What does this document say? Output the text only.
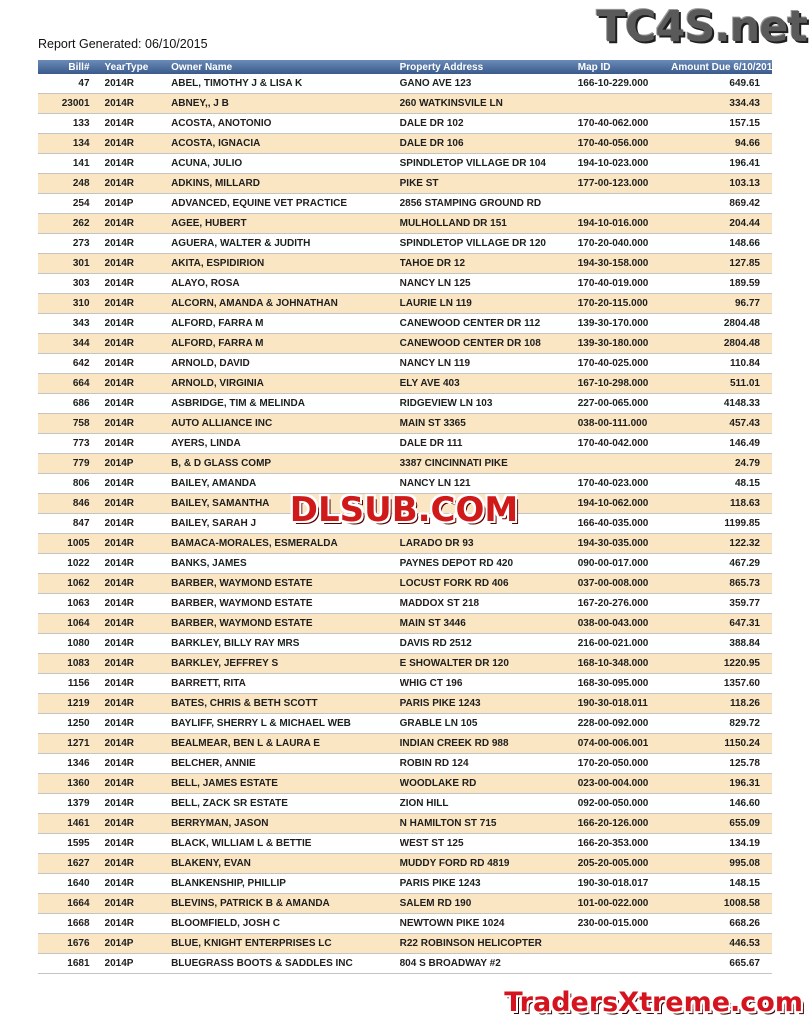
Report Generated: 06/10/2015	TC4S.net
Bill#	YearType	Owner Name	Property Address	Map ID	Amount Due 6/10/2015	
47	2014R	ABEL, TIMOTHY J & LISA K	GANO AVE 123	166-10-229.000	649.61	
23001	2014R	ABNEY,, J B	260 WATKINSVILE LN		334.43	
133	2014R	ACOSTA, ANOTONIO	DALE DR 102	170-40-062.000	157.15	
134	2014R	ACOSTA, IGNACIA	DALE DR 106	170-40-056.000	94.66	
141	2014R	ACUNA, JULIO	SPINDLETOP VILLAGE DR 104	194-10-023.000	196.41	
248	2014R	ADKINS, MILLARD	PIKE ST	177-00-123.000	103.13	
254	2014P	ADVANCED, EQUINE VET PRACTICE	2856 STAMPING GROUND RD		869.42	
262	2014R	AGEE, HUBERT	MULHOLLAND DR 151	194-10-016.000	204.44	
273	2014R	AGUERA, WALTER & JUDITH	SPINDLETOP VILLAGE DR 120	170-20-040.000	148.66	
301	2014R	AKITA, ESPIDIRION	TAHOE DR 12	194-30-158.000	127.85	
303	2014R	ALAYO, ROSA	NANCY LN 125	170-40-019.000	189.59	
310	2014R	ALCORN, AMANDA & JOHNATHAN	LAURIE LN 119	170-20-115.000	96.77	
343	2014R	ALFORD, FARRA M	CANEWOOD CENTER DR 112	139-30-170.000	2804.48	
344	2014R	ALFORD, FARRA M	CANEWOOD CENTER DR 108	139-30-180.000	2804.48	
642	2014R	ARNOLD, DAVID	NANCY LN 119	170-40-025.000	110.84	
664	2014R	ARNOLD, VIRGINIA	ELY AVE 403	167-10-298.000	511.01	
686	2014R	ASBRIDGE, TIM & MELINDA	RIDGEVIEW LN 103	227-00-065.000	4148.33	
758	2014R	AUTO ALLIANCE INC	MAIN ST 3365	038-00-111.000	457.43	
773	2014R	AYERS, LINDA	DALE DR 111	170-40-042.000	146.49	
779	2014P	B, & D GLASS COMP	3387 CINCINNATI PIKE		24.79	
806	2014R	BAILEY, AMANDA	NANCY LN 121	170-40-023.000	48.15	
846	2014R	BAILEY, SAMANTHA		194-10-062.000	118.63	
847	2014R	BAILEY, SARAH J		166-40-035.000	1199.85	
1005	2014R	BAMACA-MORALES, ESMERALDA	LARADO DR 93	194-30-035.000	122.32	
1022	2014R	BANKS, JAMES	PAYNES DEPOT RD 420	090-00-017.000	467.29	
1062	2014R	BARBER, WAYMOND ESTATE	LOCUST FORK RD 406	037-00-008.000	865.73	
1063	2014R	BARBER, WAYMOND ESTATE	MADDOX ST 218	167-20-276.000	359.77	
1064	2014R	BARBER, WAYMOND ESTATE	MAIN ST 3446	038-00-043.000	647.31	
1080	2014R	BARKLEY, BILLY RAY MRS	DAVIS RD 2512	216-00-021.000	388.84	
1083	2014R	BARKLEY, JEFFREY S	E SHOWALTER DR 120	168-10-348.000	1220.95	
1156	2014R	BARRETT, RITA	WHIG CT 196	168-30-095.000	1357.60	
1219	2014R	BATES, CHRIS & BETH SCOTT	PARIS PIKE 1243	190-30-018.011	118.26	
1250	2014R	BAYLIFF, SHERRY L & MICHAEL WEB	GRABLE LN 105	228-00-092.000	829.72	
1271	2014R	BEALMEAR, BEN L & LAURA E	INDIAN CREEK RD 988	074-00-006.001	1150.24	
1346	2014R	BELCHER, ANNIE	ROBIN RD 124	170-20-050.000	125.78	
1360	2014R	BELL, JAMES ESTATE	WOODLAKE RD	023-00-004.000	196.31	
1379	2014R	BELL, ZACK SR ESTATE	ZION HILL	092-00-050.000	146.60	
1461	2014R	BERRYMAN, JASON	N HAMILTON ST 715	166-20-126.000	655.09	
1595	2014R	BLACK, WILLIAM L & BETTIE	WEST ST 125	166-20-353.000	134.19	
1627	2014R	BLAKENY, EVAN	MUDDY FORD RD 4819	205-20-005.000	995.08	
1640	2014R	BLANKENSHIP, PHILLIP	PARIS PIKE 1243	190-30-018.017	148.15	
1664	2014R	BLEVINS, PATRICK B & AMANDA	SALEM RD 190	101-00-022.000	1008.58	
1668	2014R	BLOOMFIELD, JOSH C	NEWTOWN PIKE 1024	230-00-015.000	668.26	
1676	2014P	BLUE, KNIGHT ENTERPRISES LC	R22 ROBINSON HELICOPTER		446.53	
1681	2014P	BLUEGRASS BOOTS & SADDLES INC	804 S BROADWAY #2		665.67	
DLSUB.COM
TradersXtreme.com
